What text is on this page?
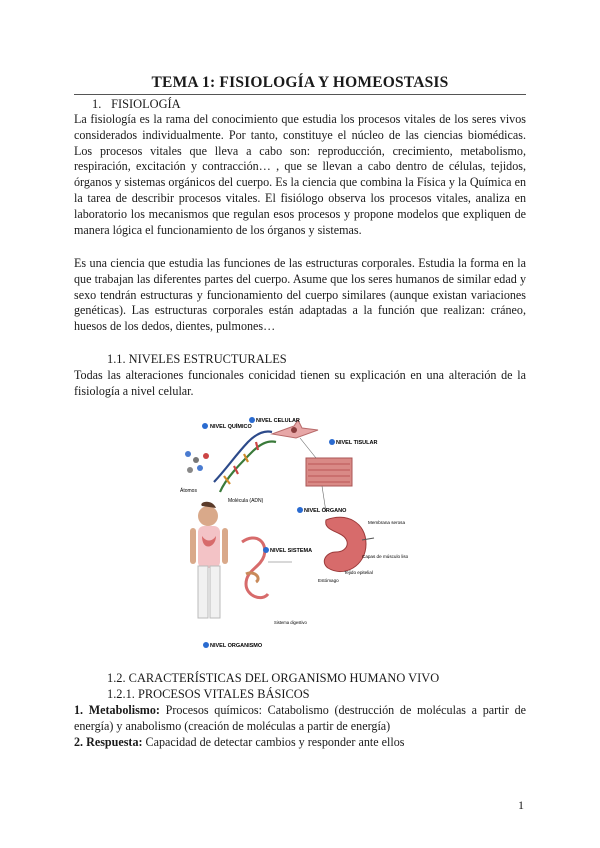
TEMA 1: FISIOLOGÍA Y HOMEOSTASIS
1. FISIOLOGÍA

La fisiología es la rama del conocimiento que estudia los procesos vitales de los seres vivos considerados individualmente. Por tanto, constituye el núcleo de las ciencias biomédicas. Los procesos vitales que lleva a cabo son: reproducción, crecimiento, metabolismo, respiración, excitación y contracción… , que se llevan a cabo dentro de células, tejidos, órganos y sistemas orgánicos del cuerpo. Es la ciencia que combina la Física y la Química en la tarea de describir procesos vitales. El fisiólogo observa los procesos vitales, analiza en laboratorio los mecanismos que regulan esos procesos y propone modelos que expliquen de manera lógica el funcionamiento de los órganos y sistemas.

Es una ciencia que estudia las funciones de las estructuras corporales. Estudia la forma en la que trabajan las diferentes partes del cuerpo. Asume que los seres humanos de similar edad y sexo tendrán estructuras y funcionamiento del cuerpo similares (aunque existan variaciones genéticas). Las estructuras corporales están adaptadas a la función que realizan: cráneo, huesos de los dedos, dientes, pulmones…

1.1. NIVELES ESTRUCTURALES

Todas las alteraciones funcionales conicidad tienen su explicación en una alteración de la fisiología a nivel celular.

NIVEL QUÍMICO
NIVEL CELULAR
NIVEL TISULAR
NIVEL ÓRGANO
NIVEL SISTEMA
NIVEL ORGANISMO
Átomos
Molécula (ADN)
Membrana serosa
Capas de músculo liso
Tejido epitelial
Estómago
Sistema digestivo
1.2. CARACTERÍSTICAS DEL ORGANISMO HUMANO VIVO
1.2.1. PROCESOS VITALES BÁSICOS

1. Metabolismo: Procesos químicos: Catabolismo (destrucción de moléculas a partir de energía) y anabolismo (creación de moléculas a partir de energía)

2. Respuesta: Capacidad de detectar cambios y responder ante ellos

1
